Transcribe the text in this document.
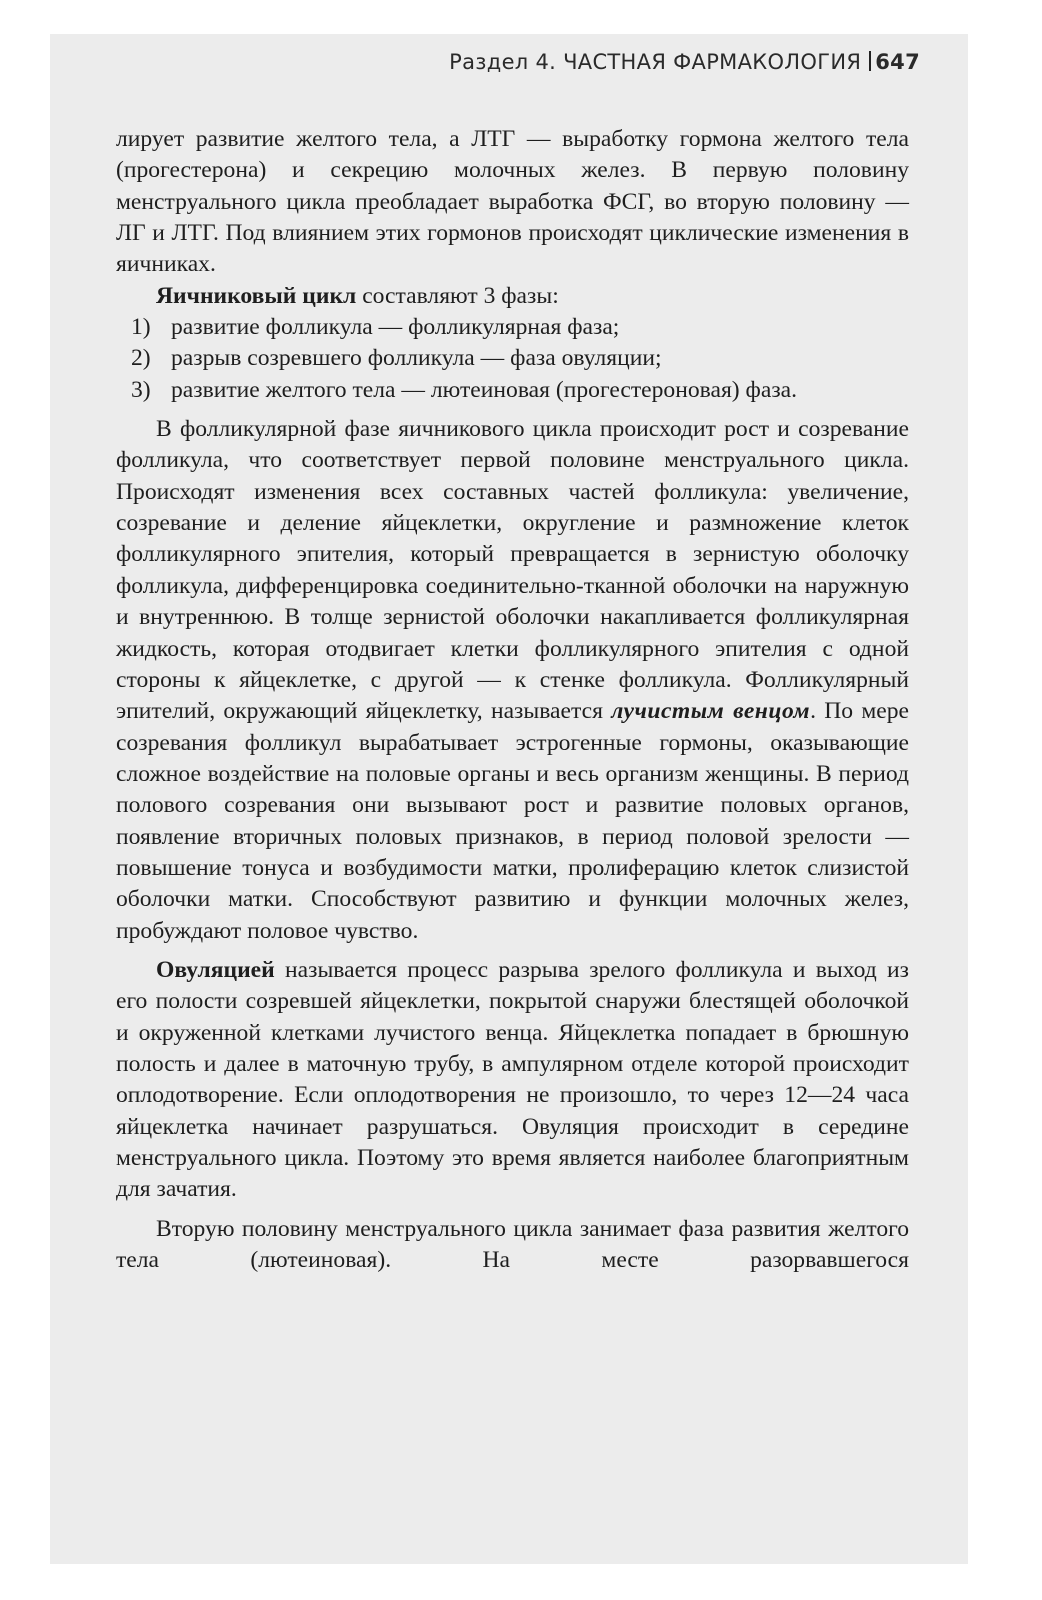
Раздел 4. ЧАСТНАЯ ФАРМАКОЛОГИЯ 647

лирует развитие желтого тела, а ЛТГ — выработку гормона желтого тела (прогестерона) и секрецию молочных желез. В первую половину менструального цикла преобладает выработка ФСГ, во вторую половину — ЛГ и ЛТГ. Под влиянием этих гормонов происходят циклические изменения в яичниках.

Яичниковый цикл составляют 3 фазы:

1) развитие фолликула — фолликулярная фаза;
2) разрыв созревшего фолликула — фаза овуляции;
3) развитие желтого тела — лютеиновая (прогестероновая) фаза.

В фолликулярной фазе яичникового цикла происходит рост и созревание фолликула, что соответствует первой половине менструального цикла. Происходят изменения всех составных частей фолликула: увеличение, созревание и деление яйцеклетки, округление и размножение клеток фолликулярного эпителия, который превращается в зернистую оболочку фолликула, дифференцировка соединительно-тканной оболочки на наружную и внутреннюю. В толще зернистой оболочки накапливается фолликулярная жидкость, которая отодвигает клетки фолликулярного эпителия с одной стороны к яйцеклетке, с другой — к стенке фолликула. Фолликулярный эпителий, окружающий яйцеклетку, называется лучистым венцом. По мере созревания фолликул вырабатывает эстрогенные гормоны, оказывающие сложное воздействие на половые органы и весь организм женщины. В период полового созревания они вызывают рост и развитие половых органов, появление вторичных половых признаков, в период половой зрелости — повышение тонуса и возбудимости матки, пролиферацию клеток слизистой оболочки матки. Способствуют развитию и функции молочных желез, пробуждают половое чувство.

Овуляцией называется процесс разрыва зрелого фолликула и выход из его полости созревшей яйцеклетки, покрытой снаружи блестящей оболочкой и окруженной клетками лучистого венца. Яйцеклетка попадает в брюшную полость и далее в маточную трубу, в ампулярном отделе которой происходит оплодотворение. Если оплодотворения не произошло, то через 12—24 часа яйцеклетка начинает разрушаться. Овуляция происходит в середине менструального цикла. Поэтому это время является наиболее благоприятным для зачатия.

Вторую половину менструального цикла занимает фаза развития желтого тела (лютеиновая). На месте разорвавшегося
